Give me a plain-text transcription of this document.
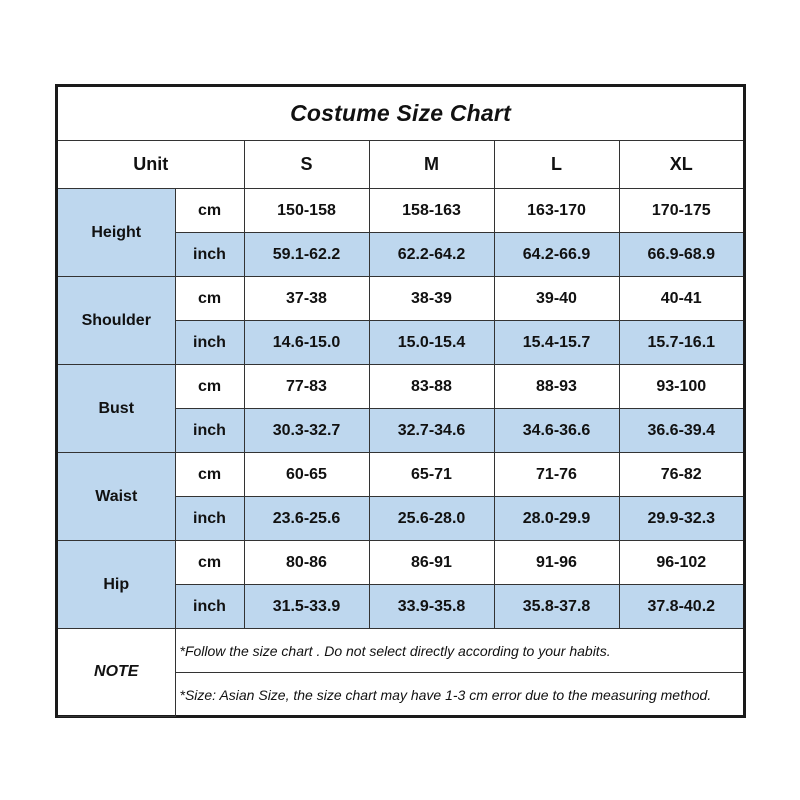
Costume Size Chart					
Unit		S	M	L	XL
Height	cm	150-158	158-163	163-170	170-175
	inch	59.1-62.2	62.2-64.2	64.2-66.9	66.9-68.9
Shoulder	cm	37-38	38-39	39-40	40-41
	inch	14.6-15.0	15.0-15.4	15.4-15.7	15.7-16.1
Bust	cm	77-83	83-88	88-93	93-100
	inch	30.3-32.7	32.7-34.6	34.6-36.6	36.6-39.4
Waist	cm	60-65	65-71	71-76	76-82
	inch	23.6-25.6	25.6-28.0	28.0-29.9	29.9-32.3
Hip	cm	80-86	86-91	91-96	96-102
	inch	31.5-33.9	33.9-35.8	35.8-37.8	37.8-40.2
NOTE	*Follow the size chart . Do not select directly according to your habits.				
	*Size: Asian Size, the size chart may have 1-3 cm error due to the measuring method.				
